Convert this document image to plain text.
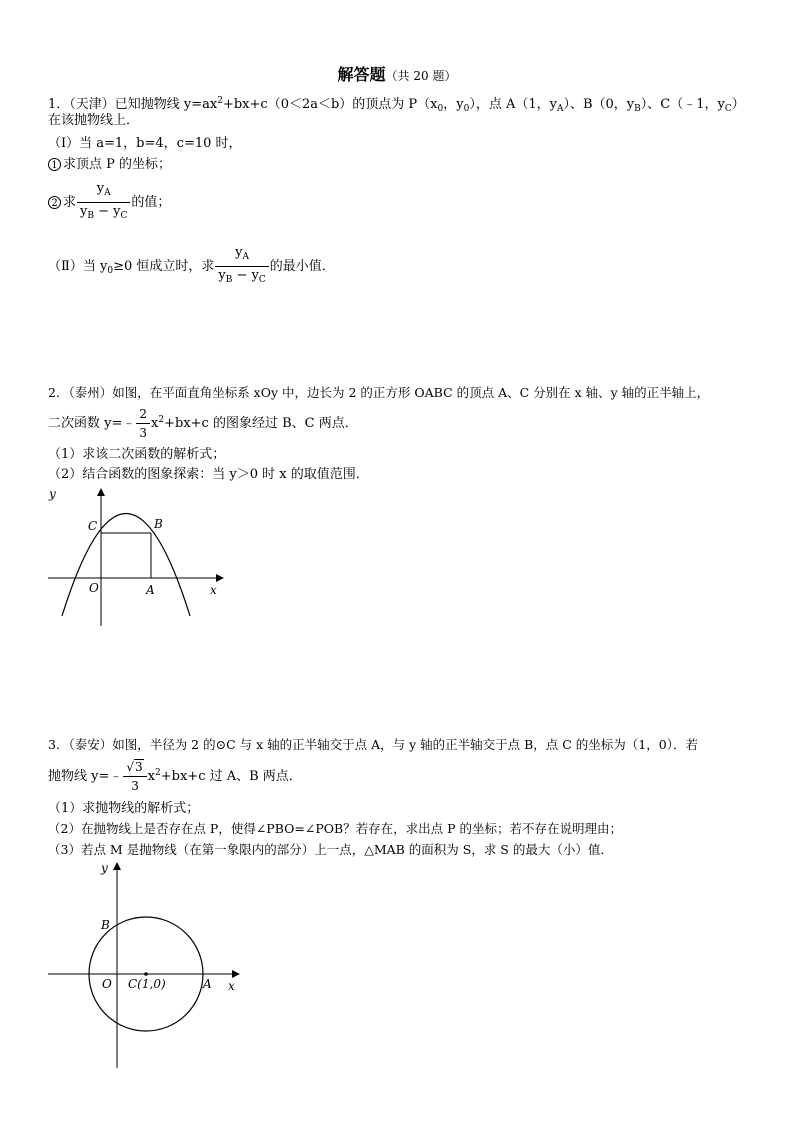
解答题（共 20 题）
1．（天津）已知抛物线 $y=ax^2+bx+c(0<2a<b)$的顶点为 $P(x_0$，$y_0$），点 A（1，$y_A$）、B（0，$y_B$）、C（﹣1，$y_C$）
在该抛物线上．
（Ⅰ）当 a=1，b=4，c=10 时，
1 求顶点 P 的坐标；
2 求 $\frac{y_A}{y_B - y_C}$ 的值；
（Ⅱ）当 $y_0\ge 0$ 恒成立时，求 $\frac{y_A}{y_B - y_C}$ 的最小值．
2．（泰州）如图，在平面直角坐标系 xOy 中，边长为 2 的正方形 OABC 的顶点 A、C 分别在 x 轴、y 轴的正半轴上，
二次函数 y=﹣ $\frac{2}{3} x^2+bx+c$ 的图象经过 B、C 两点．
（1）求该二次函数的解析式；
（2）结合函数的图象探索：当 y＞0 时 x 的取值范围．
y
x
C	B
O	A
3．（泰安）如图，半径为 2 的⊙C 与 x 轴的正半轴交于点 A，与 y 轴的正半轴交于点 B，点 C 的坐标为（1，0）．若
抛物线 y=﹣ $\frac{√3}{3} x^2+bx+c$ 过 A、B 两点．
（1）求抛物线的解析式；
（2）在抛物线上是否存在点 P，使得∠PBO=∠POB？若存在，求出点 P 的坐标；若不存在说明理由；
（3）若点 M 是抛物线（在第一象限内的部分）上一点，△MAB 的面积为 S，求 S 的最大（小）值．
y
x
B
O C(1,0)	A
